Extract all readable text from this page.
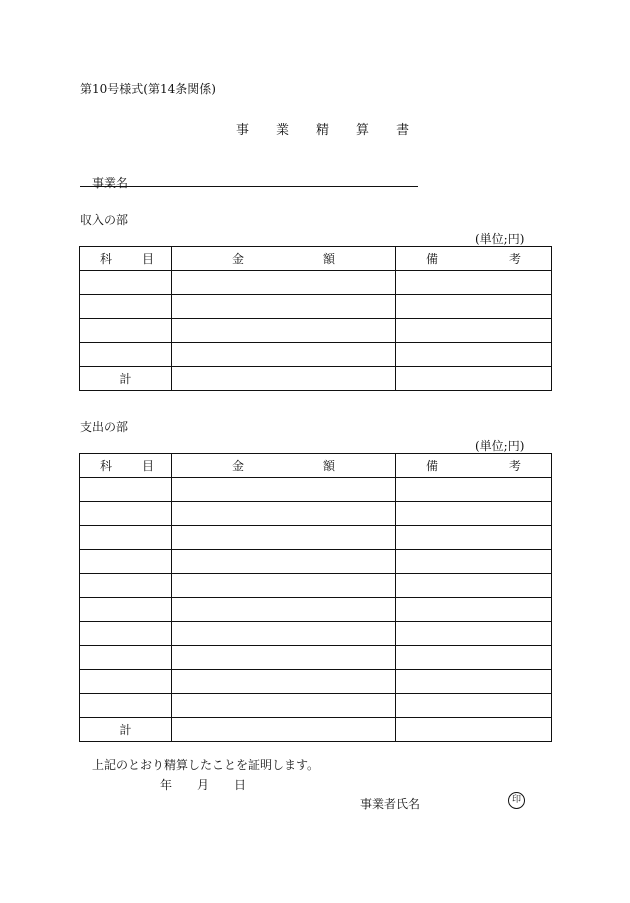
第10号様式(第14条関係)
事 業 精 算 書
事業名
収入の部
(単位;円)
科 目	金 額	備 考

計		
支出の部
(単位;円)
科 目	金 額	備 考

計		
上記のとおり精算したことを証明します。
年 月 日
事業者氏名	印
